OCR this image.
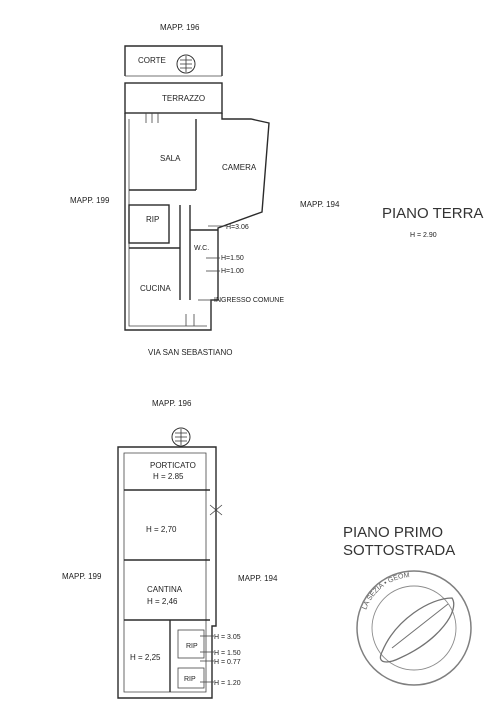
MAPP. 196
CORTE
TERRAZZO
SALA
CAMERA
RIP
W.C.
CUCINA
H=3.06
H=1.50
H=1.00
INGRESSO COMUNE
MAPP. 199	MAPP. 194
VIA SAN SEBASTIANO
PIANO TERRA
H = 2.90
MAPP. 196
PORTICATO
H = 2.85
H = 2,70
CANTINA
H = 2,46
H = 2,25
RIP
RIP
H = 3.05
H = 1.50
H = 0.77
H = 1.20
MAPP. 199	MAPP. 194
PIANO PRIMO
SOTTOSTRADA
LA SEZIA • GEOM
